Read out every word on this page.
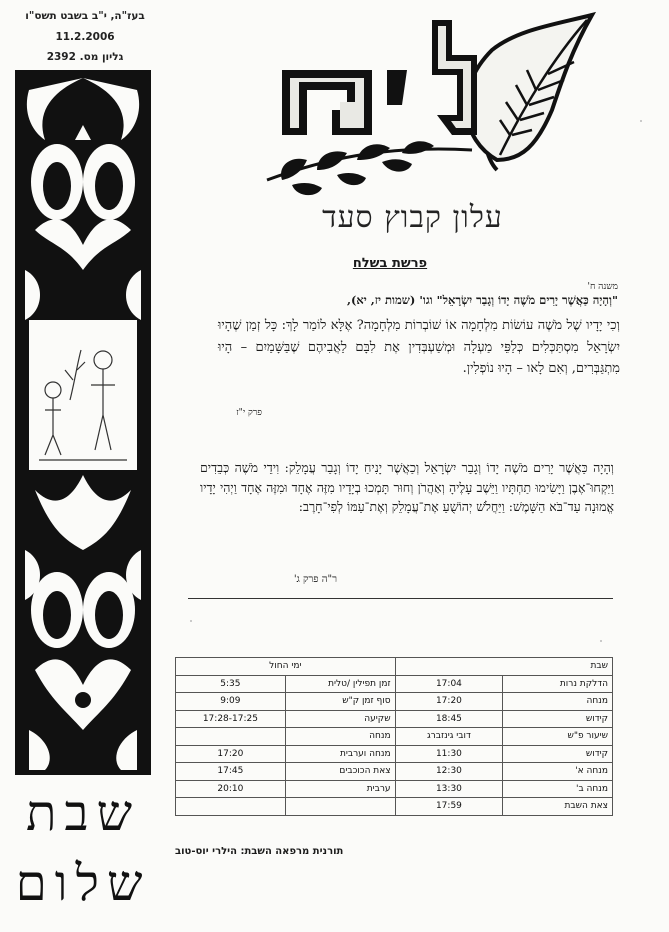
בעז"ה, י"ב בשבט תשס"ו
11.2.2006
גליון מס. 2392
שבת
שלום
עלון קבוץ סעד
פרשת בשלח
משנה ח'
"וְהָיָה כַּאֲשֶׁר יָרִים מֹשֶׁה יָדוֹ וְגָבַר יִשְׂרָאֵל" וגו' (שמות יז, יא),
וְכִי יָדָיו שֶׁל מֹשֶׁה עוֹשׂוֹת מִלְחָמָה אוֹ שׁוֹבְרוֹת מִלְחָמָה? אֶלָּא לוֹמַר לָךְ: כָּל זְמַן שֶׁהָיוּ יִשְׂרָאֵל מִסְתַּכְּלִים כְּלַפֵּי מַעְלָה וּמְשַׁעְבְּדִין אֶת לִבָּם לַאֲבִיהֶם שֶׁבַּשָּׁמַיִם – הָיוּ מִתְגַּבְּרִים, וְאִם לָאו – הָיוּ נוֹפְלִין.
פרק י"ז
וְהָיָה כַּאֲשֶׁר יָרִים מֹשֶׁה יָדוֹ וְגָבַר יִשְׂרָאֵל וְכַאֲשֶׁר יָנִיחַ יָדוֹ וְגָבַר עֲמָלֵק: וִידֵי מֹשֶׁה כְּבֵדִים וַיִּקְחוּ־אֶבֶן וַיָּשִׂימוּ תַחְתָּיו וַיֵּשֶׁב עָלֶיהָ וְאַהֲרֹן וְחוּר תָּמְכוּ בְיָדָיו מִזֶּה אֶחָד וּמִזֶּה אֶחָד וַיְהִי יָדָיו אֱמוּנָה עַד־בֹּא הַשָּׁמֶשׁ: וַיַּחֲלֹשׁ יְהוֹשֻׁעַ אֶת־עֲמָלֵק וְאֶת־עַמּוֹ לְפִי־חָרֶב:
ר"ה פרק ג'
שבת		ימי החול	
הדלקת נרות	17:04	זמן תפילין /טלית	5:35
מנחה	17:20	סוף זמן ק"ש	9:09
קידוש	18:45	שקיעה	17:28-17:25
שיעור פ"ש	דובי גינזברג	מנחה	
קידוש	11:30	מנחה וערבית	17:20
מנחה א'	12:30	צאת הכוכבים	17:45
מנחה ב'	13:30	ערבית	20:10
צאת השבת	17:59		
תורנית מרפאה השבת: הילרי יוס-טוב
